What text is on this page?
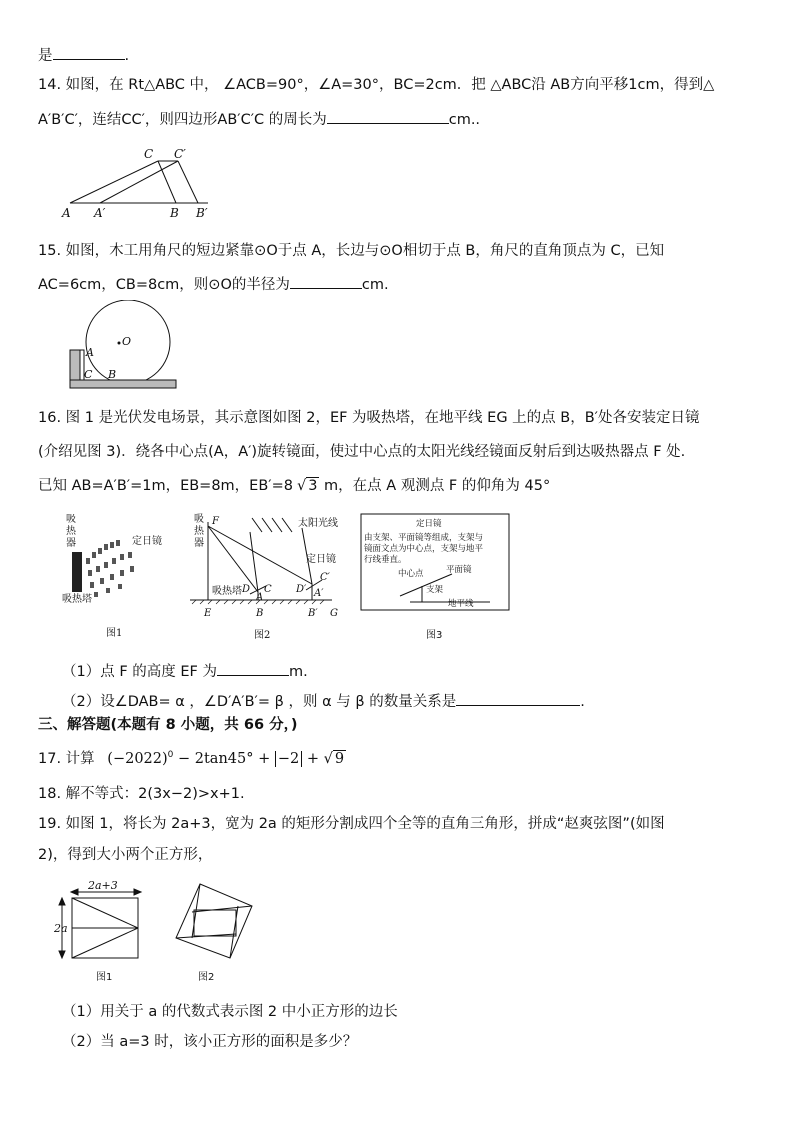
是	.
14. 如图，在 Rt△ABC 中， ∠ACB=90°，∠A=30°，BC=2cm．把 △ABC沿 AB方向平移1cm，得到△
A′B′C′，连结CC′，则四边形AB′C′C 的周长为	cm..
A A′	B B′
C C′
15. 如图，木工用角尺的短边紧靠⊙O于点 A，长边与⊙O相切于点 B，角尺的直角顶点为 C，已知
AC=6cm，CB=8cm，则⊙O的半径为	cm.
O
A
C B
16. 图 1 是光伏发电场景，其示意图如图 2，EF 为吸热塔，在地平线 EG 上的点 B，B′处各安装定日镜
(介绍见图 3)．绕各中心点(A，A′)旋转镜面，使过中心点的太阳光线经镜面反射后到达吸热器点 F 处.
已知 AB=A′B′=1m，EB=8m，EB′=8 √ 3 m，在点 A 观测点 F 的仰角为 45°
吸
热
器	定日镜
吸热塔
图1
吸
热
器
吸热塔
太阳光线
定日镜
图2
F
E
D C
A
B
D′
C′
A′
B′ G
定日镜
由支架、平面镜等组成，支架与
镜面文点为中心点，支架与地平
行线垂直。
中心点	平面镜
支架
地平线
图3
（1）点 F 的高度 EF 为	m.
（2）设∠DAB= α ，∠D′A′B′= β ，则 α 与 β 的数量关系是	.
三、解答题(本题有 8 小题，共 66 分，)
17. 计算 $(-2022)^0 - 2\tan 45^\circ + -2$ + √ 9
18. 解不等式：2(3x−2)>x+1.
19. 如图 1，将长为 2a+3，宽为 2a 的矩形分割成四个全等的直角三角形，拼成“赵爽弦图”(如图
2)，得到大小两个正方形，
2a+3
2a
图1	图2
（1）用关于 a 的代数式表示图 2 中小正方形的边长
（2）当 a=3 时，该小正方形的面积是多少？
